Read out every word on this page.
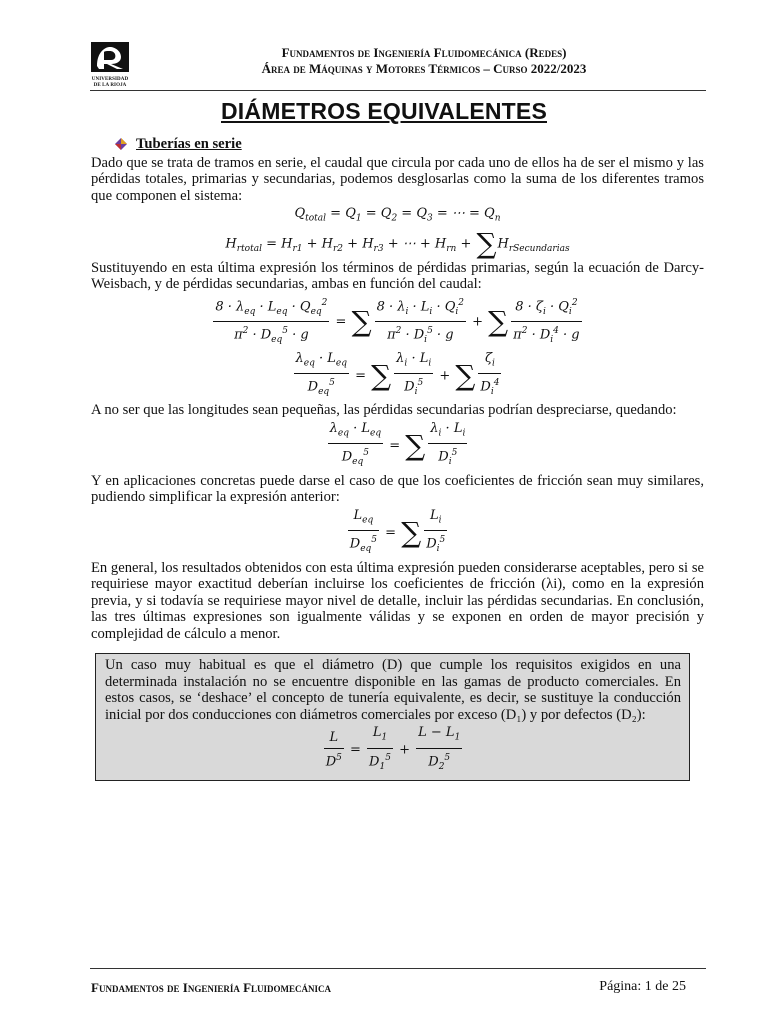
UNIVERSIDAD
DE LA RIOJA
Fundamentos de Ingeniería Fluidomecánica (Redes)
Área de Máquinas y Motores Térmicos – Curso 2022/2023
DIÁMETROS EQUIVALENTES
Tuberías en serie

Dado que se trata de tramos en serie, el caudal que circula por cada uno de ellos ha de ser el mismo y las pérdidas totales, primarias y secundarias, podemos desglosarlas como la suma de los diferentes tramos que componen el sistema:

$Q_{total} = Q_1 = Q_2 = Q_3$ = ⋯ = $Q_n$
$H_{rtotal} = H_{r1} + H_{r2} + H_{r3}$ + ⋯ + $H_{rn} + \sum H_{rSecundarias}$

Sustituyendo en esta última expresión los términos de pérdidas primarias, según la ecuación de Darcy-Weisbach, y de pérdidas secundarias, ambas en función del caudal:

$\frac{8 \cdot \lambda_{eq} \cdot L_{eq} \cdot Q_{eq}^2}{\pi^2 \cdot D_{eq}^5 \cdot g}$ = ∑ $\frac{8 \cdot \lambda_i \cdot L_i \cdot Q_i^2}{\pi^2 \cdot D_i^5 \cdot g}$ + ∑ $\frac{8 \cdot \zeta_i \cdot Q_i^2}{\pi^2 \cdot D_i^4 \cdot g}$
$\frac{\lambda_{eq} \cdot L_{eq}}{D_{eq}^5}$ = ∑ $\frac{\lambda_i \cdot L_i}{D_i^5}$ + ∑ $\frac{\zeta_i}{D_i^4}$

A no ser que las longitudes sean pequeñas, las pérdidas secundarias podrían despreciarse, quedando:

$\frac{\lambda_{eq} \cdot L_{eq}}{D_{eq}^5}$ = ∑ $\frac{\lambda_i \cdot L_i}{D_i^5}$

Y en aplicaciones concretas puede darse el caso de que los coeficientes de fricción sean muy similares, pudiendo simplificar la expresión anterior:

$\frac{L_{eq}}{D_{eq}^5}$ = ∑ $\frac{L_i}{D_i^5}$

En general, los resultados obtenidos con esta última expresión pueden considerarse aceptables, pero si se requiriese mayor exactitud deberían incluirse los coeficientes de fricción (λi), como en la expresión previa, y si todavía se requiriese mayor nivel de detalle, incluir las pérdidas secundarias. En conclusión, las tres últimas expresiones son igualmente válidas y se exponen en orden de mayor precisión y complejidad de cálculo a menor.

Un caso muy habitual es que el diámetro (D) que cumple los requisitos exigidos en una determinada instalación no se encuentre disponible en las gamas de producto comerciales. En estos casos, se ‘deshace’ el concepto de tunería equivalente, es decir, se sustituye la conducción inicial por dos conducciones con diámetros comerciales por exceso (D₁) y por defectos (D₂):

$\frac{L}{D^5} = \frac{L_1}{D_1^5} + \frac{L - L_1}{D_2^5}$
Fundamentos de Ingeniería Fluidomecánica	Página: 1 de 25
